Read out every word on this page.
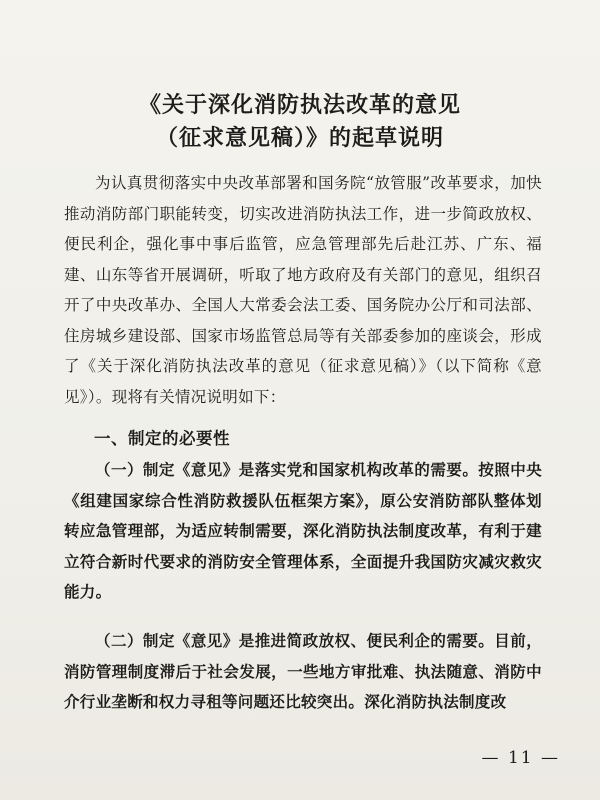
《关于深化消防执法改革的意见
（征求意见稿）》的起草说明

为认真贯彻落实中央改革部署和国务院“放管服”改革要求，加快推动消防部门职能转变，切实改进消防执法工作，进一步简政放权、便民利企，强化事中事后监管，应急管理部先后赴江苏、广东、福建、山东等省开展调研，听取了地方政府及有关部门的意见，组织召开了中央改革办、全国人大常委会法工委、国务院办公厅和司法部、住房城乡建设部、国家市场监管总局等有关部委参加的座谈会，形成了《关于深化消防执法改革的意见（征求意见稿）》（以下简称《意见》）。现将有关情况说明如下：

一、制定的必要性

（一）制定《意见》是落实党和国家机构改革的需要。按照中央《组建国家综合性消防救援队伍框架方案》，原公安消防部队整体划转应急管理部，为适应转制需要，深化消防执法制度改革，有利于建立符合新时代要求的消防安全管理体系，全面提升我国防灾减灾救灾能力。

（二）制定《意见》是推进简政放权、便民利企的需要。目前，消防管理制度滞后于社会发展，一些地方审批难、执法随意、消防中介行业垄断和权力寻租等问题还比较突出。深化消防执法制度改

— 11 —
